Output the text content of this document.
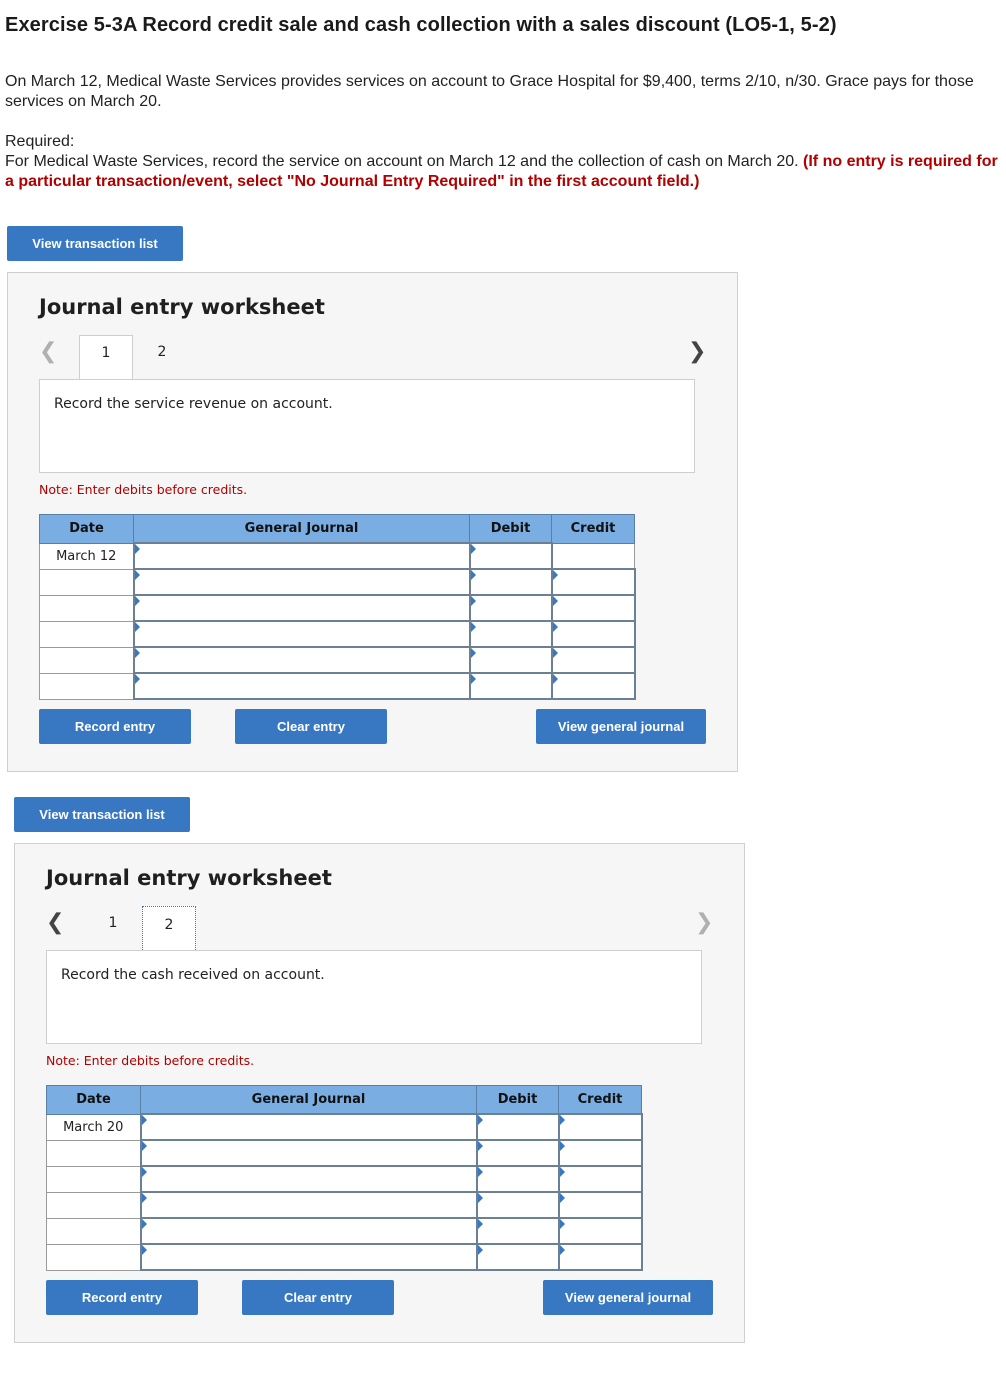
Exercise 5-3A Record credit sale and cash collection with a sales discount (LO5-1, 5-2)

On March 12, Medical Waste Services provides services on account to Grace Hospital for $9,400, terms 2/10, n/30. Grace pays for those services on March 20.

Required:
For Medical Waste Services, record the service on account on March 12 and the collection of cash on March 20. (If no entry is required for a particular transaction/event, select "No Journal Entry Required" in the first account field.)

View transaction list
Journal entry worksheet
❮	1	2	❯
Record the service revenue on account.

Note: Enter debits before credits.

Date	General Journal	Debit	Credit
March 12			

Record entry	Clear entry	View general journal
View transaction list
Journal entry worksheet
❮	1	2	❯
Record the cash received on account.

Note: Enter debits before credits.

Date	General Journal	Debit	Credit
March 20			

Record entry	Clear entry	View general journal
